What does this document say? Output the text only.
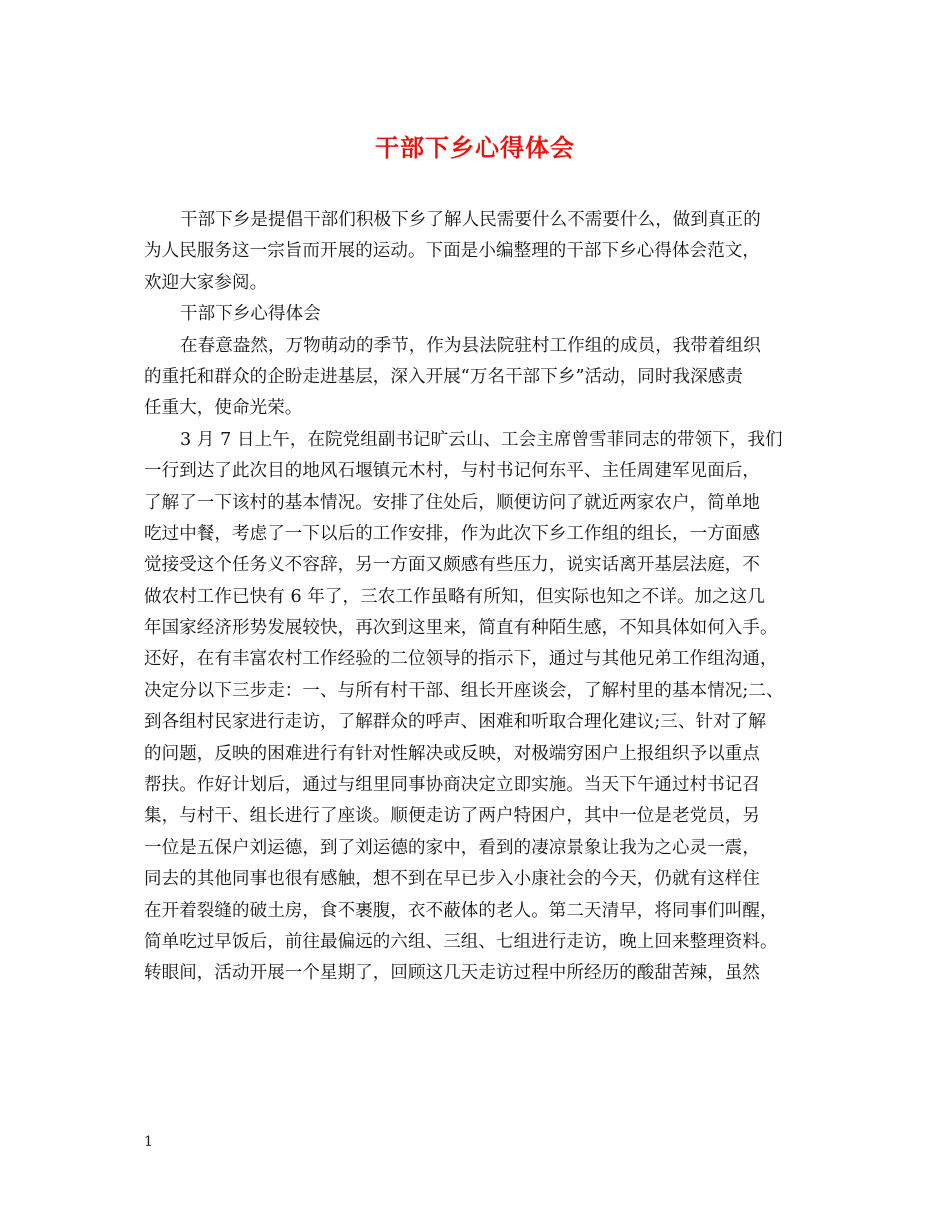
干部下乡心得体会
干部下乡是提倡干部们积极下乡了解人民需要什么不需要什么，做到真正的
为人民服务这一宗旨而开展的运动。下面是小编整理的干部下乡心得体会范文，
欢迎大家参阅。
干部下乡心得体会
在春意盎然，万物萌动的季节，作为县法院驻村工作组的成员，我带着组织
的重托和群众的企盼走进基层，深入开展“万名干部下乡”活动，同时我深感责
任重大，使命光荣。
3 月 7 日上午，在院党组副书记旷云山、工会主席曾雪菲同志的带领下，我们
一行到达了此次目的地风石堰镇元木村，与村书记何东平、主任周建军见面后，
了解了一下该村的基本情况。安排了住处后，顺便访问了就近两家农户，简单地
吃过中餐，考虑了一下以后的工作安排，作为此次下乡工作组的组长，一方面感
觉接受这个任务义不容辞，另一方面又颇感有些压力，说实话离开基层法庭，不
做农村工作已快有 6 年了，三农工作虽略有所知，但实际也知之不详。加之这几
年国家经济形势发展较快，再次到这里来，简直有种陌生感，不知具体如何入手。
还好，在有丰富农村工作经验的二位领导的指示下，通过与其他兄弟工作组沟通，
决定分以下三步走：一、与所有村干部、组长开座谈会，了解村里的基本情况;二、
到各组村民家进行走访，了解群众的呼声、困难和听取合理化建议;三、针对了解
的问题，反映的困难进行有针对性解决或反映，对极端穷困户上报组织予以重点
帮扶。作好计划后，通过与组里同事协商决定立即实施。当天下午通过村书记召
集，与村干、组长进行了座谈。顺便走访了两户特困户，其中一位是老党员，另
一位是五保户刘运德，到了刘运德的家中，看到的凄凉景象让我为之心灵一震，
同去的其他同事也很有感触，想不到在早已步入小康社会的今天，仍就有这样住
在开着裂缝的破土房，食不裹腹，衣不蔽体的老人。第二天清早，将同事们叫醒，
简单吃过早饭后，前往最偏远的六组、三组、七组进行走访，晚上回来整理资料。
转眼间，活动开展一个星期了，回顾这几天走访过程中所经历的酸甜苦辣，虽然
1
